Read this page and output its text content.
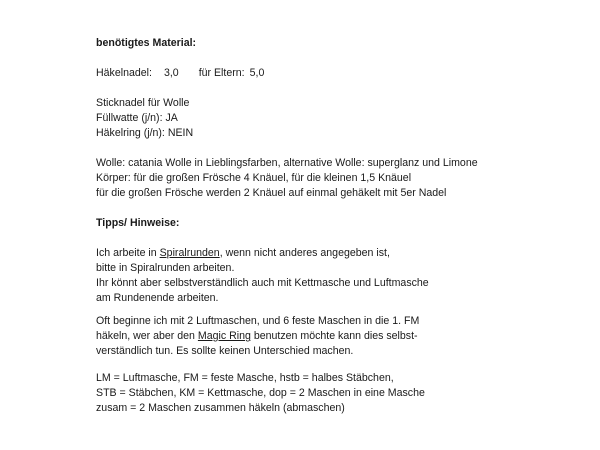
benötigtes Material:
Häkelnadel: 3,0 für Eltern: 5,0
Sticknadel für Wolle
Füllwatte (j/n): JA
Häkelring (j/n): NEIN
Wolle: catania Wolle in Lieblingsfarben, alternative Wolle: superglanz und Limone
Körper: für die großen Frösche 4 Knäuel, für die kleinen 1,5 Knäuel
für die großen Frösche werden 2 Knäuel auf einmal gehäkelt mit 5er Nadel
Tipps/ Hinweise:
Ich arbeite in Spiralrunden, wenn nicht anderes angegeben ist,
bitte in Spiralrunden arbeiten.
Ihr könnt aber selbstverständlich auch mit Kettmasche und Luftmasche
am Rundenende arbeiten.
Oft beginne ich mit 2 Luftmaschen, und 6 feste Maschen in die 1. FM
häkeln, wer aber den Magic Ring benutzen möchte kann dies selbst-
verständlich tun. Es sollte keinen Unterschied machen.
LM = Luftmasche, FM = feste Masche, hstb = halbes Stäbchen,
STB = Stäbchen, KM = Kettmasche, dop = 2 Maschen in eine Masche
zusam = 2 Maschen zusammen häkeln (abmaschen)
